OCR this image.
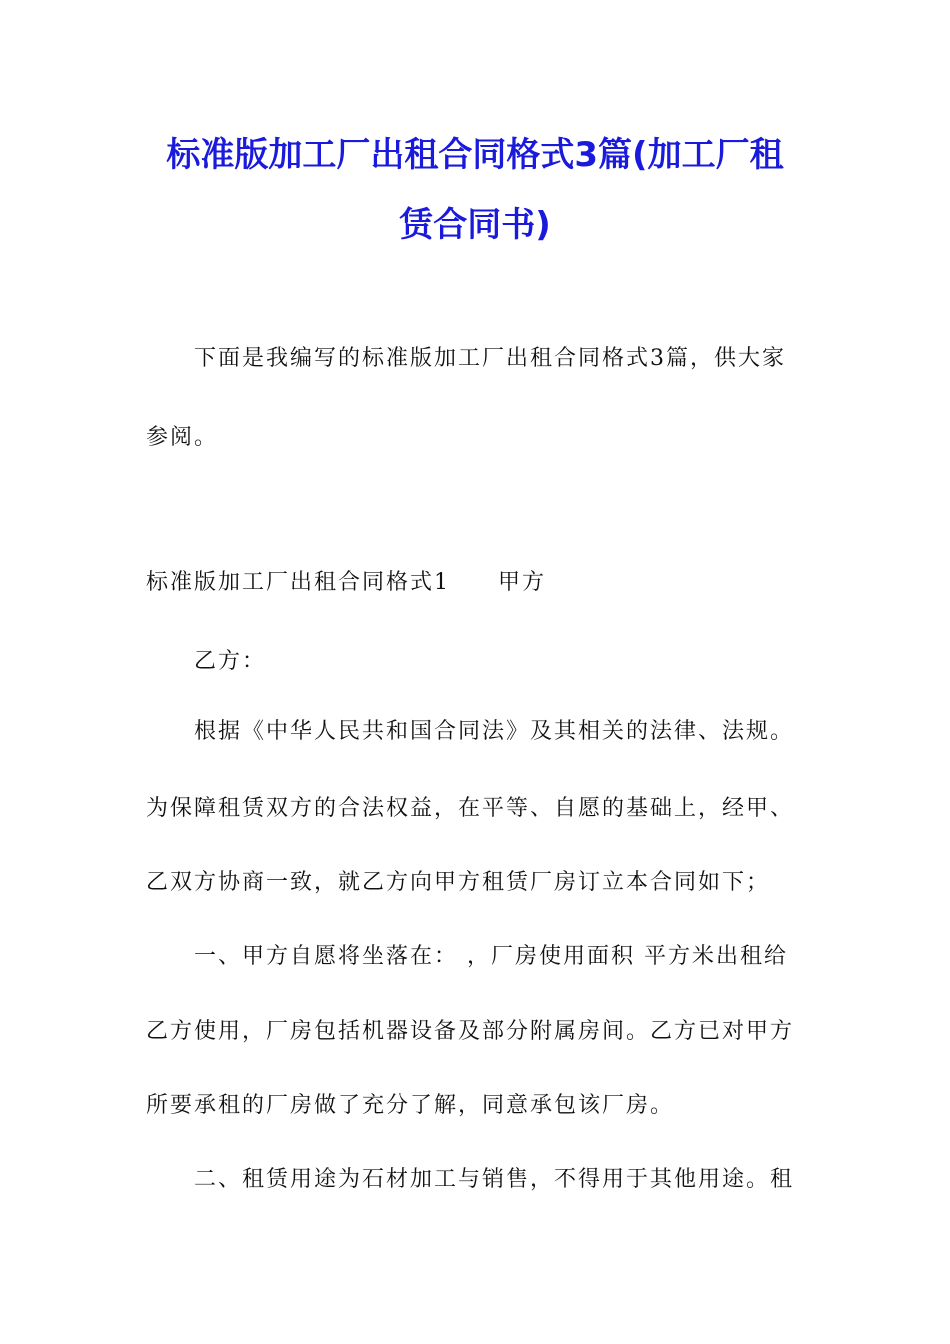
标准版加工厂出租合同格式3篇(加工厂租
赁合同书)
下面是我编写的标准版加工厂出租合同格式3篇，供大家
参阅。
标准版加工厂出租合同格式1	甲方
乙方：
根据《中华人民共和国合同法》及其相关的法律、法规。
为保障租赁双方的合法权益，在平等、自愿的基础上，经甲、
乙双方协商一致，就乙方向甲方租赁厂房订立本合同如下；
一、甲方自愿将坐落在： ，厂房使用面积 平方米出租给
乙方使用，厂房包括机器设备及部分附属房间。乙方已对甲方
所要承租的厂房做了充分了解，同意承包该厂房。
二、租赁用途为石材加工与销售，不得用于其他用途。租
